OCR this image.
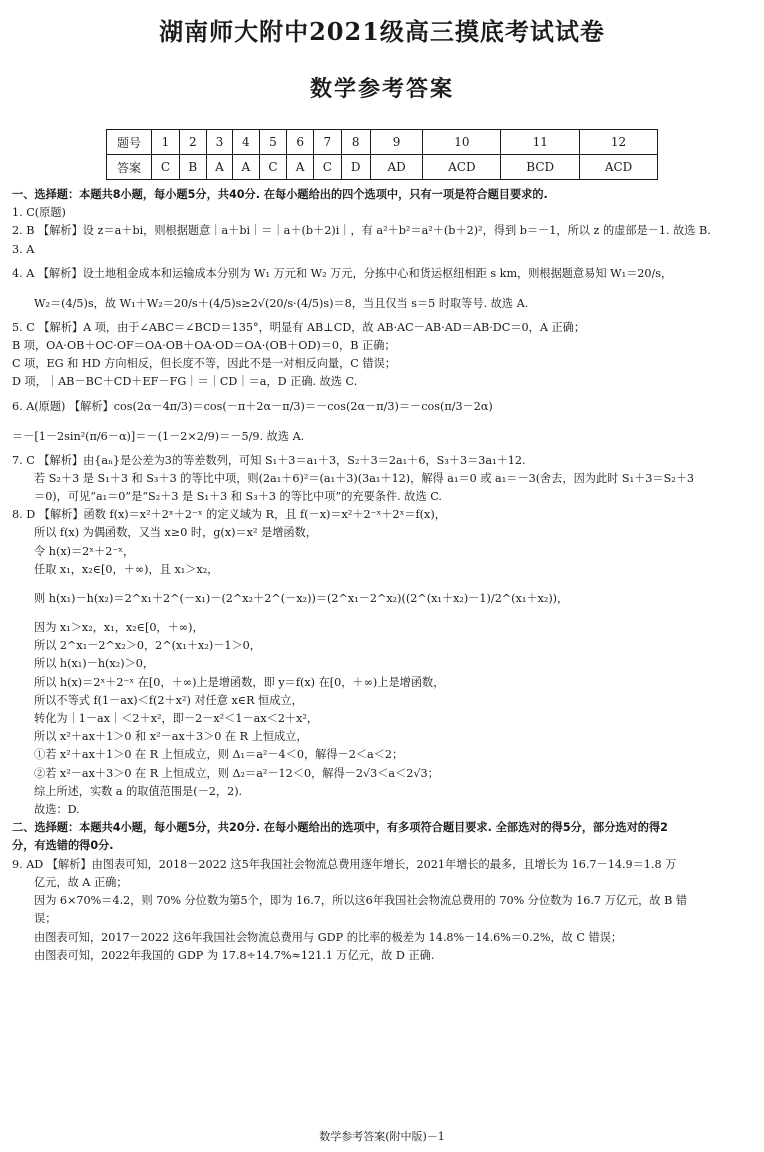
湖南师大附中2021级高三摸底考试试卷
数学参考答案
题号	1	2	3	4	5	6	7	8	9	10	11	12
答案	C	B	A	A	C	A	C	D	AD	ACD	BCD	ACD
一、选择题：本题共8小题，每小题5分，共40分. 在每小题给出的四个选项中，只有一项是符合题目要求的.
1. C(原题)
2. B 【解析】设 z＝a＋bi，则根据题意｜a＋bi｜＝｜a＋(b＋2)i｜，有 a²＋b²＝a²＋(b＋2)²，得到 b＝－1，所以 z 的虚部是－1. 故选 B.
3. A
4. A 【解析】设土地租金成本和运输成本分别为 W₁ 万元和 W₂ 万元，分拣中心和货运枢纽相距 s km，则根据题意易知 W₁＝20/s，
W₂＝(4/5)s，故 W₁＋W₂＝20/s＋(4/5)s≥2√(20/s·(4/5)s)＝8，当且仅当 s＝5 时取等号. 故选 A.
5. C 【解析】A 项，由于∠ABC＝∠BCD＝135°，明显有 AB⊥CD，故 AB·AC－AB·AD＝AB·DC＝0，A 正确；
B 项，OA·OB＋OC·OF＝OA·OB＋OA·OD＝OA·(OB＋OD)＝0，B 正确；
C 项，EG 和 HD 方向相反，但长度不等，因此不是一对相反向量，C 错误；
D 项，｜AB－BC＋CD＋EF－FG｜＝｜CD｜＝a，D 正确. 故选 C.
6. A(原题) 【解析】cos(2α－4π/3)＝cos(－π＋2α－π/3)＝－cos(2α－π/3)＝－cos(π/3－2α)
＝－[1－2sin²(π/6－α)]＝－(1－2×2/9)＝－5/9. 故选 A.
7. C 【解析】由{aₙ}是公差为3的等差数列，可知 S₁＋3＝a₁＋3，S₂＋3＝2a₁＋6，S₃＋3＝3a₁＋12.
若 S₂＋3 是 S₁＋3 和 S₃＋3 的等比中项，则(2a₁＋6)²＝(a₁＋3)(3a₁＋12)，解得 a₁＝0 或 a₁＝－3(舍去，因为此时 S₁＋3＝S₂＋3
＝0)，可见“a₁＝0”是“S₂＋3 是 S₁＋3 和 S₃＋3 的等比中项”的充要条件. 故选 C.
8. D 【解析】函数 f(x)＝x²＋2ˣ＋2⁻ˣ 的定义域为 R，且 f(－x)＝x²＋2⁻ˣ＋2ˣ＝f(x)，
所以 f(x) 为偶函数，又当 x≥0 时，g(x)＝x² 是增函数，
令 h(x)＝2ˣ＋2⁻ˣ，
任取 x₁，x₂∈[0，＋∞)，且 x₁＞x₂，
则 h(x₁)－h(x₂)＝2^x₁＋2^(－x₁)－(2^x₂＋2^(－x₂))＝(2^x₁－2^x₂)((2^(x₁＋x₂)－1)/2^(x₁＋x₂))，
因为 x₁＞x₂，x₁，x₂∈[0，＋∞)，
所以 2^x₁－2^x₂＞0，2^(x₁＋x₂)－1＞0，
所以 h(x₁)－h(x₂)＞0，
所以 h(x)＝2ˣ＋2⁻ˣ 在[0，＋∞)上是增函数，即 y＝f(x) 在[0，＋∞)上是增函数，
所以不等式 f(1－ax)＜f(2＋x²) 对任意 x∈R 恒成立，
转化为｜1－ax｜＜2＋x²，即－2－x²＜1－ax＜2＋x²，
所以 x²＋ax＋1＞0 和 x²－ax＋3＞0 在 R 上恒成立，
①若 x²＋ax＋1＞0 在 R 上恒成立，则 Δ₁＝a²－4＜0，解得－2＜a＜2；
②若 x²－ax＋3＞0 在 R 上恒成立，则 Δ₂＝a²－12＜0，解得－2√3＜a＜2√3；
综上所述，实数 a 的取值范围是(－2，2).
故选：D.
二、选择题：本题共4小题，每小题5分，共20分. 在每小题给出的选项中，有多项符合题目要求. 全部选对的得5分，部分选对的得2
分，有选错的得0分.
9. AD 【解析】由图表可知，2018－2022 这5年我国社会物流总费用逐年增长，2021年增长的最多，且增长为 16.7－14.9＝1.8 万
亿元，故 A 正确；
因为 6×70%＝4.2，则 70% 分位数为第5个，即为 16.7，所以这6年我国社会物流总费用的 70% 分位数为 16.7 万亿元，故 B 错
误；
由图表可知，2017－2022 这6年我国社会物流总费用与 GDP 的比率的极差为 14.8%－14.6%＝0.2%，故 C 错误；
由图表可知，2022年我国的 GDP 为 17.8÷14.7%≈121.1 万亿元，故 D 正确.
数学参考答案(附中版)－1
